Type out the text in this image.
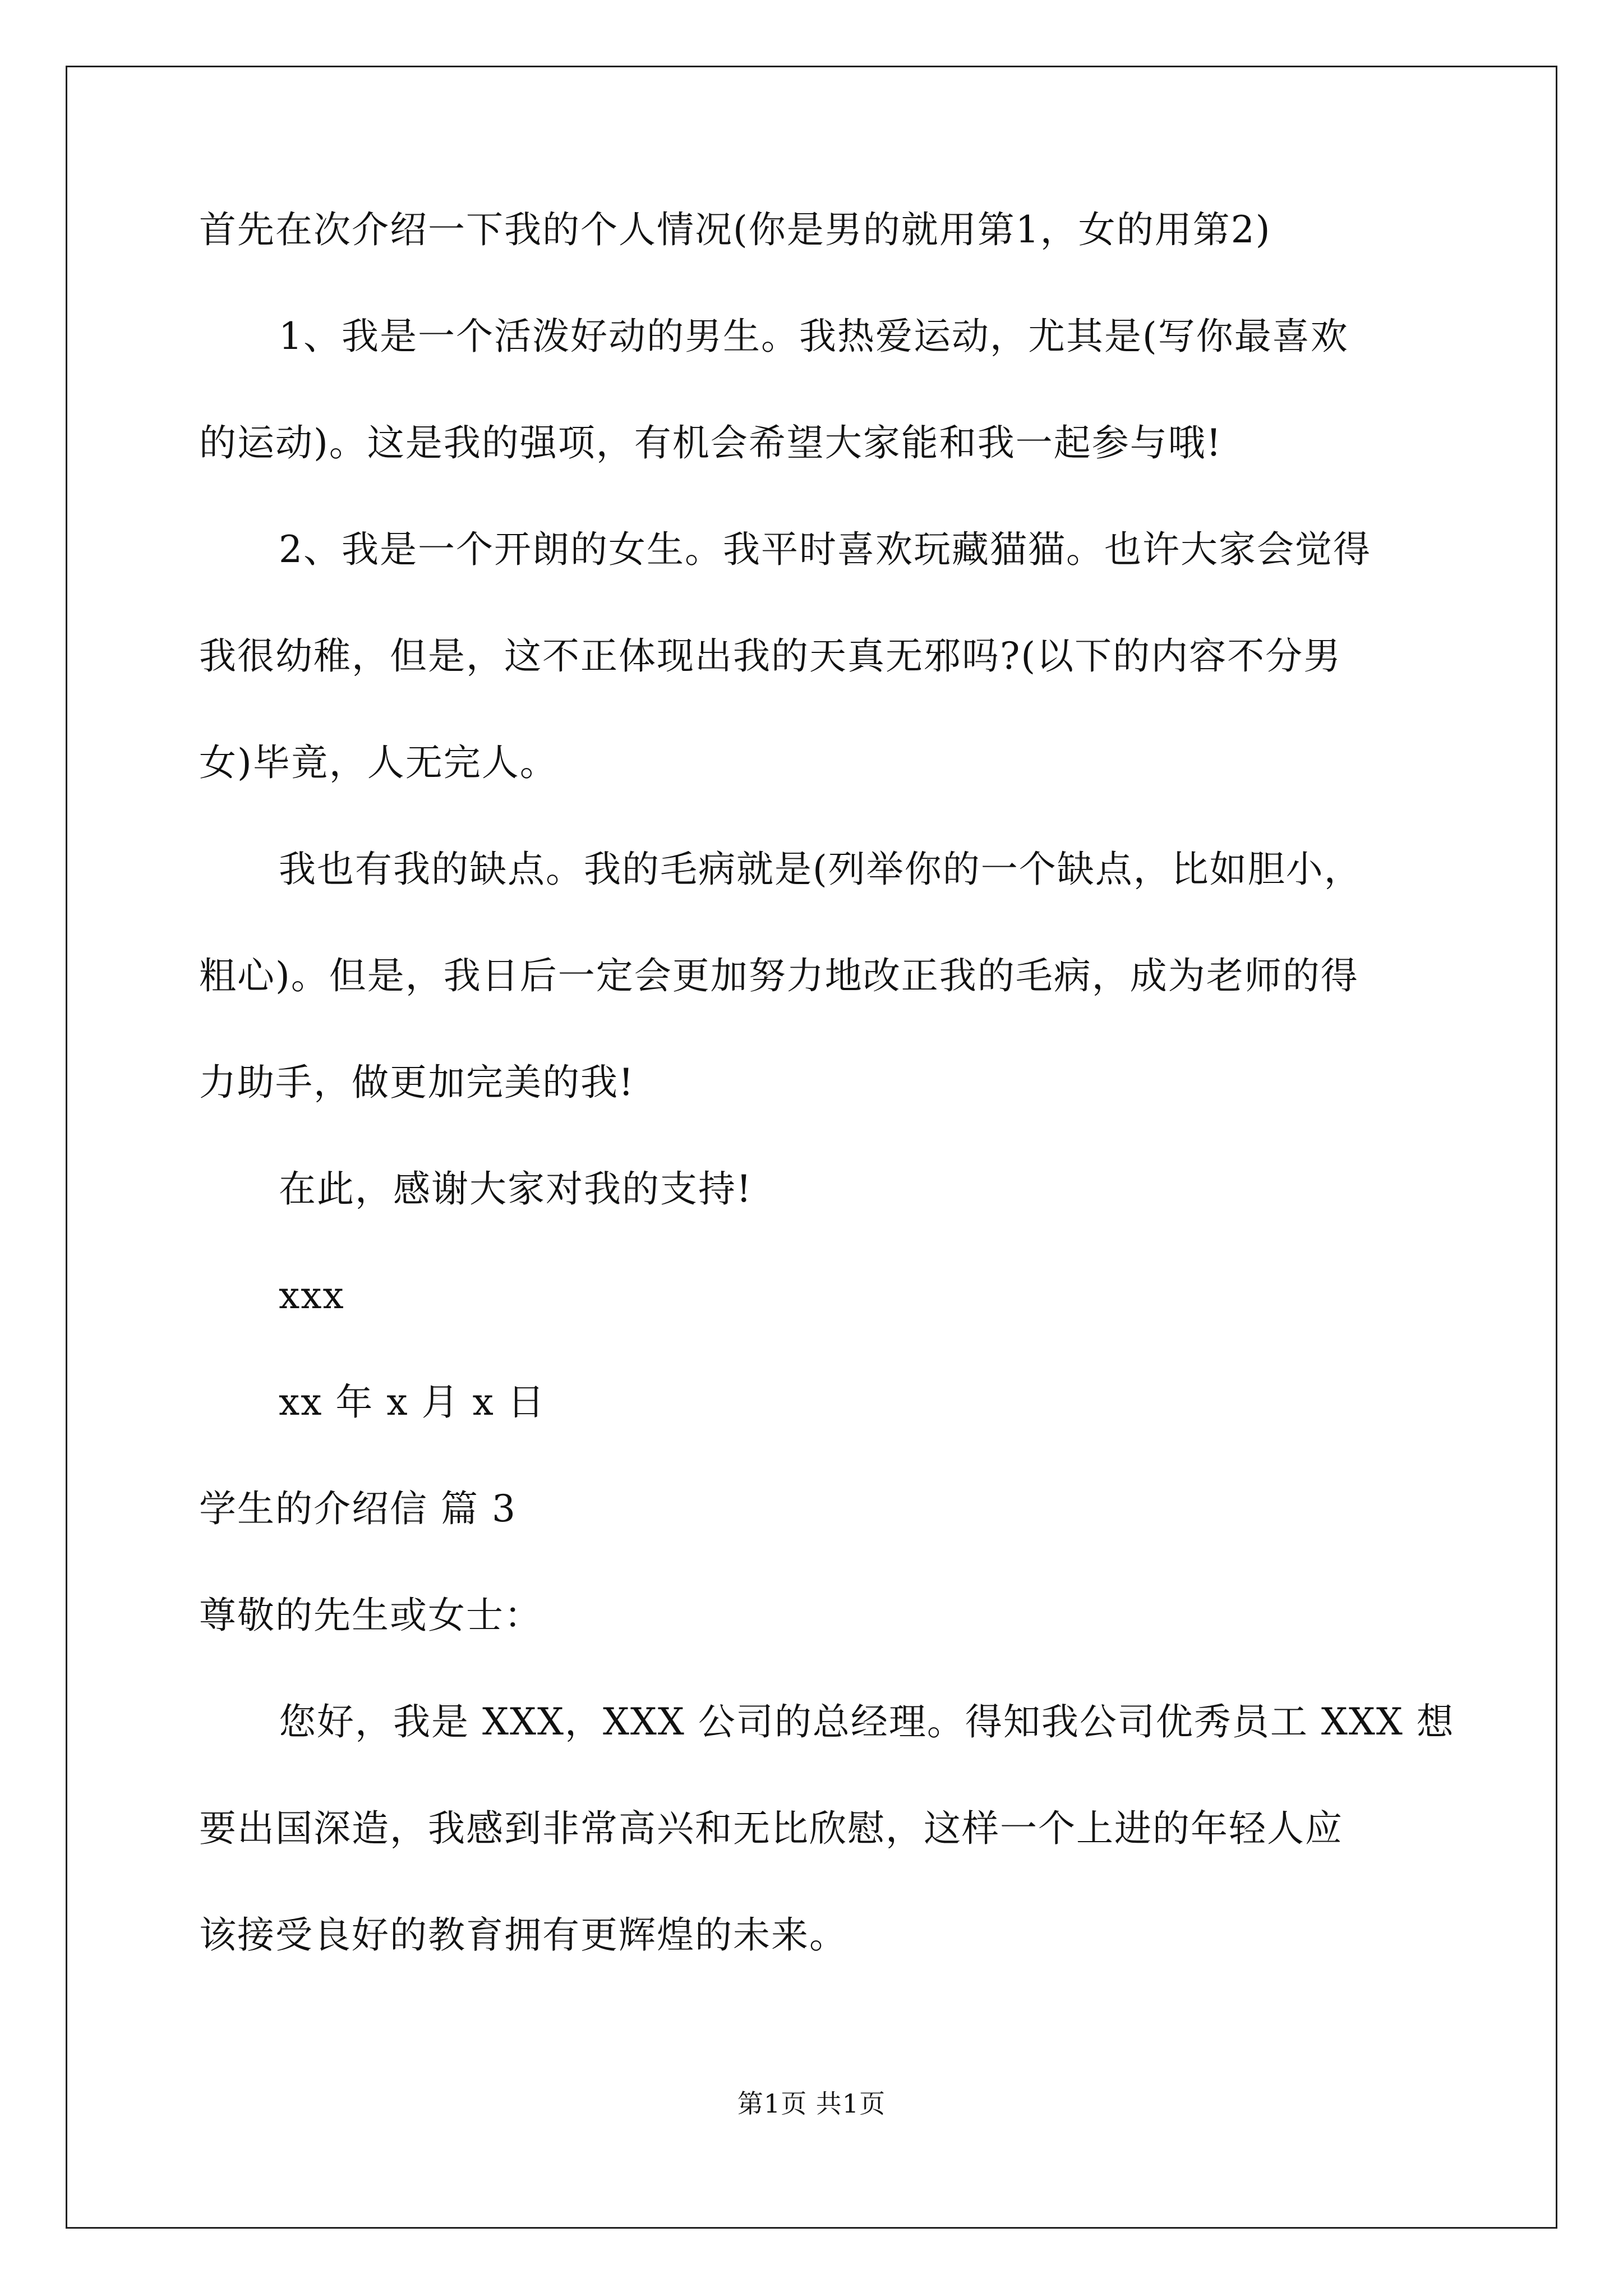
首先在次介绍一下我的个人情况(你是男的就用第1，女的用第2)
1、我是一个活泼好动的男生。我热爱运动，尤其是(写你最喜欢
的运动)。这是我的强项，有机会希望大家能和我一起参与哦!
2、我是一个开朗的女生。我平时喜欢玩藏猫猫。也许大家会觉得
我很幼稚，但是，这不正体现出我的天真无邪吗?(以下的内容不分男
女)毕竟，人无完人。
我也有我的缺点。我的毛病就是(列举你的一个缺点，比如胆小，
粗心)。但是，我日后一定会更加努力地改正我的毛病，成为老师的得
力助手，做更加完美的我!
在此，感谢大家对我的支持!
xxx
xx 年 x 月 x 日
学生的介绍信 篇 3
尊敬的先生或女士：
您好，我是 XXX，XXX 公司的总经理。得知我公司优秀员工 XXX 想
要出国深造，我感到非常高兴和无比欣慰，这样一个上进的年轻人应
该接受良好的教育拥有更辉煌的未来。
第1页 共1页
